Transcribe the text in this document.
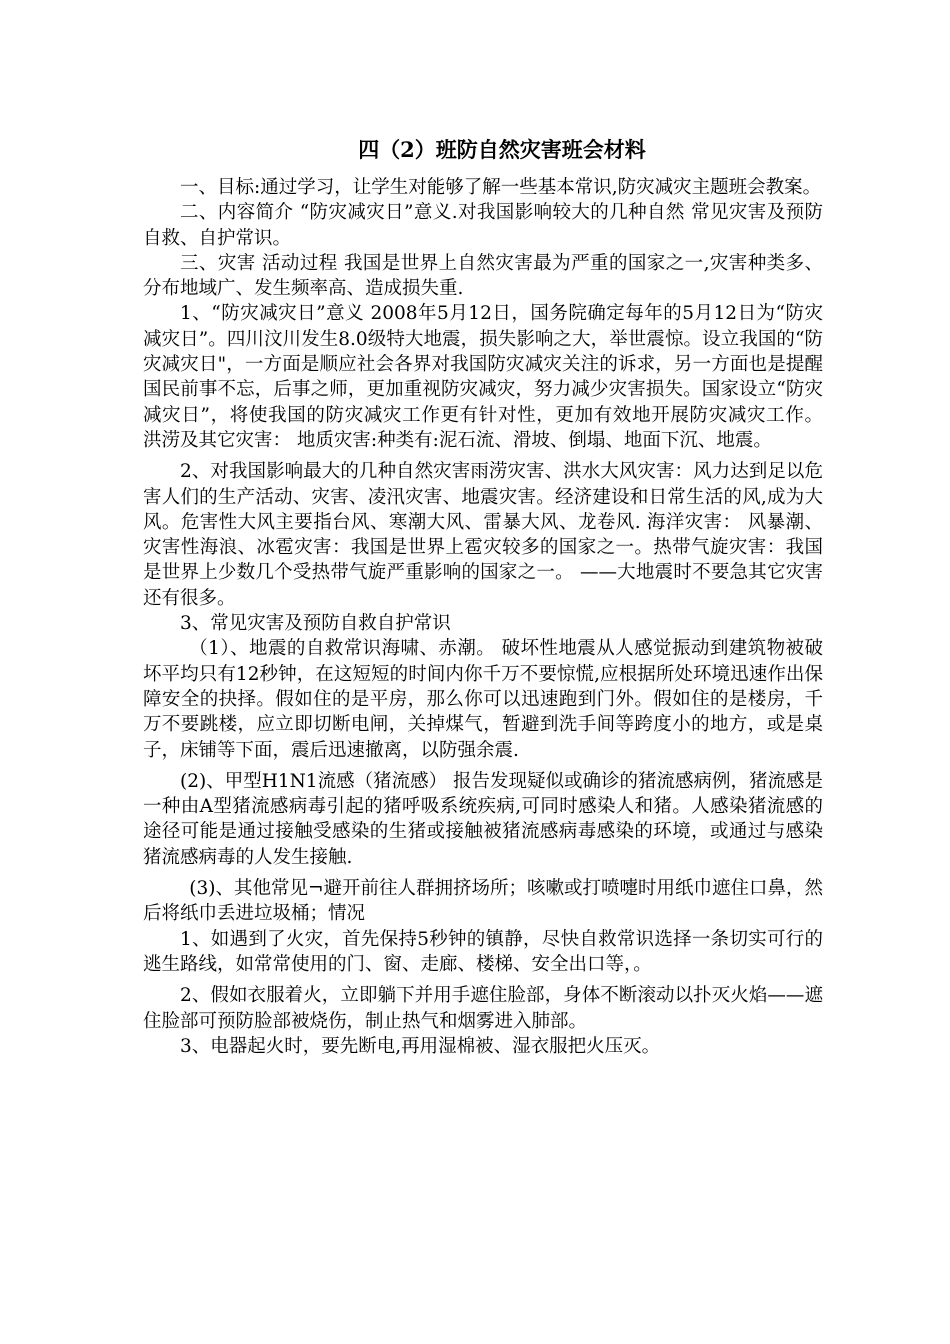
四（2）班防自然灾害班会材料

一、目标:通过学习，让学生对能够了解一些基本常识,防灾减灾主题班会教案。

二、内容简介 “防灾减灾日”意义.对我国影响较大的几种自然 常见灾害及预防自救、自护常识。

三、灾害 活动过程 我国是世界上自然灾害最为严重的国家之一,灾害种类多、分布地域广、发生频率高、造成损失重.

1、“防灾减灾日”意义 2008年5月12日，国务院确定每年的5月12日为“防灾减灾日”。四川汶川发生8.0级特大地震，损失影响之大，举世震惊。设立我国的“防灾减灾日"，一方面是顺应社会各界对我国防灾减灾关注的诉求，另一方面也是提醒国民前事不忘，后事之师，更加重视防灾减灾，努力减少灾害损失。国家设立“防灾减灾日”，将使我国的防灾减灾工作更有针对性，更加有效地开展防灾减灾工作。 洪涝及其它灾害： 地质灾害:种类有:泥石流、滑坡、倒塌、地面下沉、地震。

2、对我国影响最大的几种自然灾害雨涝灾害、洪水大风灾害：风力达到足以危害人们的生产活动、灾害、凌汛灾害、地震灾害。经济建设和日常生活的风,成为大风。危害性大风主要指台风、寒潮大风、雷暴大风、龙卷风. 海洋灾害： 风暴潮、灾害性海浪、冰雹灾害：我国是世界上雹灾较多的国家之一。热带气旋灾害：我国是世界上少数几个受热带气旋严重影响的国家之一。 ——大地震时不要急其它灾害还有很多。

3、常见灾害及预防自救自护常识

（1）、地震的自救常识海啸、赤潮。 破坏性地震从人感觉振动到建筑物被破坏平均只有12秒钟，在这短短的时间内你千万不要惊慌,应根据所处环境迅速作出保障安全的抉择。假如住的是平房，那么你可以迅速跑到门外。假如住的是楼房，千万不要跳楼，应立即切断电闸，关掉煤气，暂避到洗手间等跨度小的地方，或是桌子，床铺等下面，震后迅速撤离，以防强余震.

(2)、甲型H1N1流感（猪流感） 报告发现疑似或确诊的猪流感病例，猪流感是一种由A型猪流感病毒引起的猪呼吸系统疾病,可同时感染人和猪。人感染猪流感的途径可能是通过接触受感染的生猪或接触被猪流感病毒感染的环境，或通过与感染猪流感病毒的人发生接触.

(3)、其他常见¬避开前往人群拥挤场所；咳嗽或打喷嚏时用纸巾遮住口鼻，然后将纸巾丢进垃圾桶；情况

1、如遇到了火灾，首先保持5秒钟的镇静，尽快自救常识选择一条切实可行的逃生路线，如常常使用的门、窗、走廊、楼梯、安全出口等，。

2、假如衣服着火，立即躺下并用手遮住脸部，身体不断滚动以扑灭火焰——遮住脸部可预防脸部被烧伤，制止热气和烟雾进入肺部。

3、电器起火时，要先断电,再用湿棉被、湿衣服把火压灭。
